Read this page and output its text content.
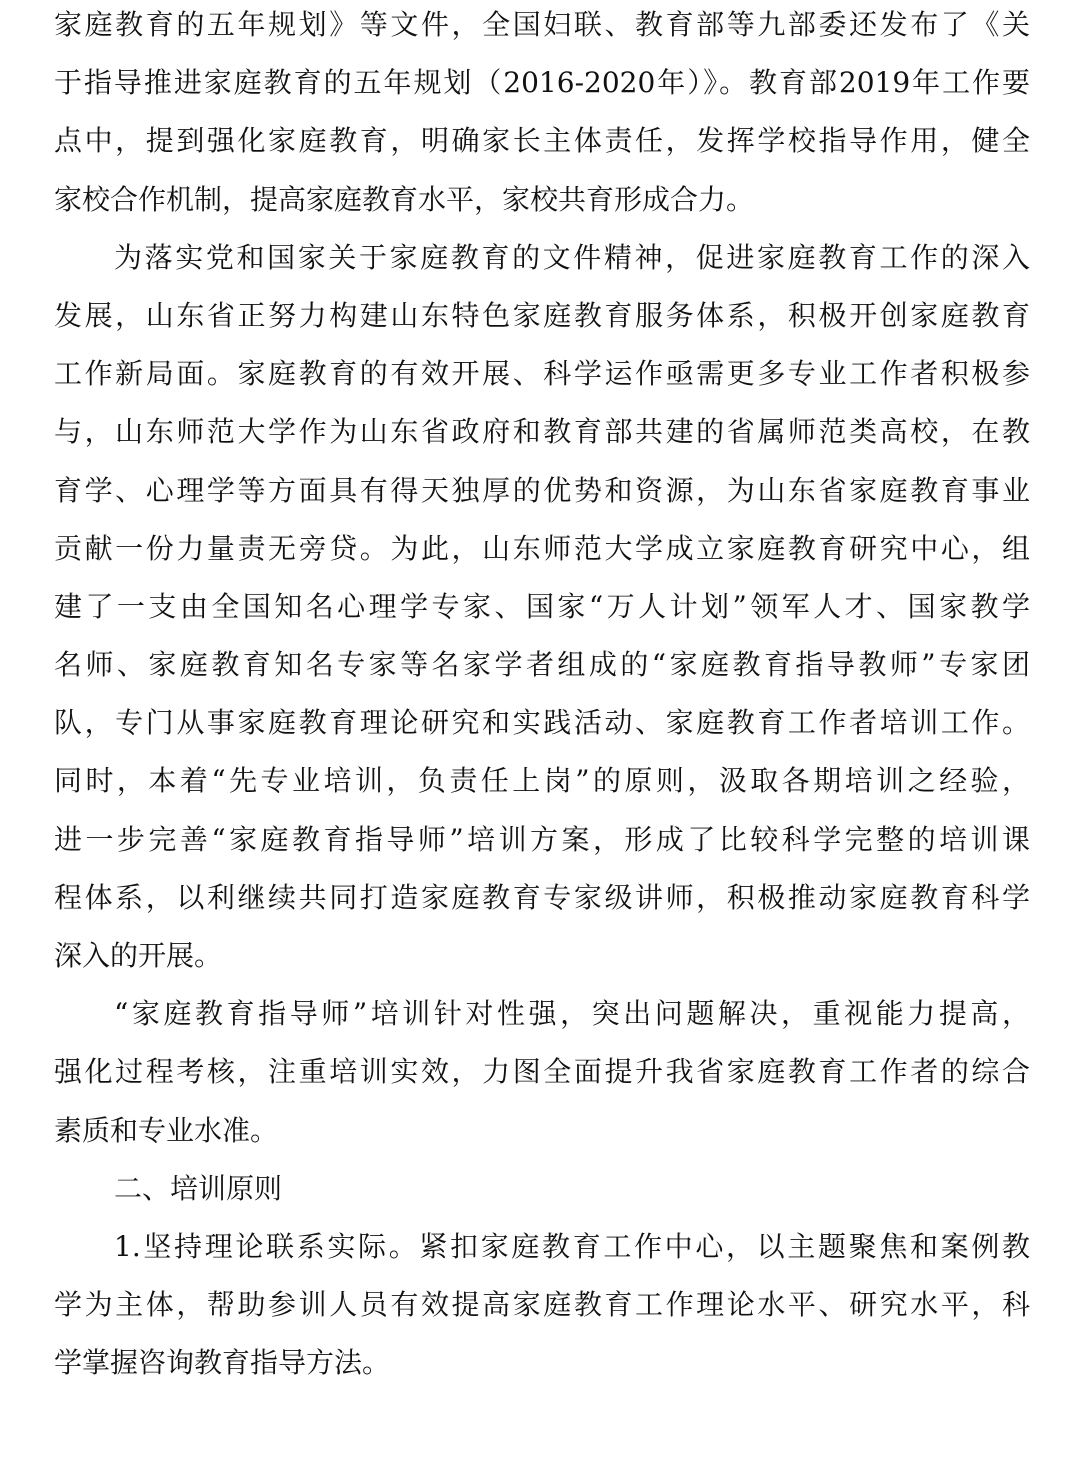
家庭教育的五年规划》等文件，全国妇联、教育部等九部委还发布了《关
于指导推进家庭教育的五年规划（2016-2020年）》。教育部2019年工作要
点中，提到强化家庭教育，明确家长主体责任，发挥学校指导作用，健全
家校合作机制，提高家庭教育水平，家校共育形成合力。
为落实党和国家关于家庭教育的文件精神，促进家庭教育工作的深入
发展，山东省正努力构建山东特色家庭教育服务体系，积极开创家庭教育
工作新局面。家庭教育的有效开展、科学运作亟需更多专业工作者积极参
与，山东师范大学作为山东省政府和教育部共建的省属师范类高校，在教
育学、心理学等方面具有得天独厚的优势和资源，为山东省家庭教育事业
贡献一份力量责无旁贷。为此，山东师范大学成立家庭教育研究中心，组
建了一支由全国知名心理学专家、国家“万人计划”领军人才、国家教学
名师、家庭教育知名专家等名家学者组成的“家庭教育指导教师”专家团
队，专门从事家庭教育理论研究和实践活动、家庭教育工作者培训工作。
同时，本着“先专业培训，负责任上岗”的原则，汲取各期培训之经验，
进一步完善“家庭教育指导师”培训方案，形成了比较科学完整的培训课
程体系，以利继续共同打造家庭教育专家级讲师，积极推动家庭教育科学
深入的开展。
“家庭教育指导师”培训针对性强，突出问题解决，重视能力提高，
强化过程考核，注重培训实效，力图全面提升我省家庭教育工作者的综合
素质和专业水准。
二、培训原则
1.坚持理论联系实际。紧扣家庭教育工作中心，以主题聚焦和案例教
学为主体，帮助参训人员有效提高家庭教育工作理论水平、研究水平，科
学掌握咨询教育指导方法。
